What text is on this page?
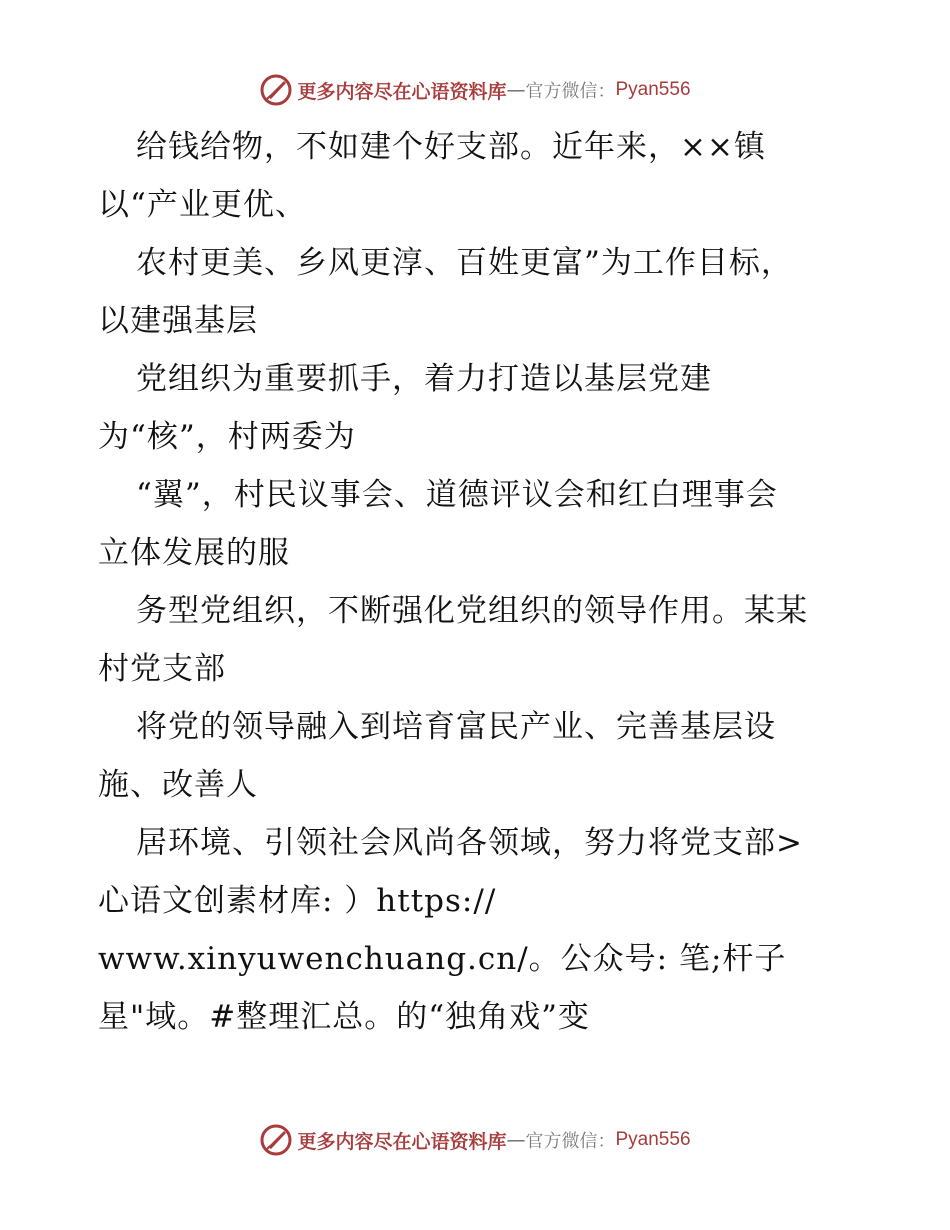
更多内容尽在心语资料库 — 官方微信： Pyan556
给钱给物，不如建个好支部。近年来，××镇
以“产业更优、
农村更美、乡风更淳、百姓更富”为工作目标，
以建强基层
党组织为重要抓手，着力打造以基层党建
为“核”，村两委为
“翼”，村民议事会、道德评议会和红白理事会
立体发展的服
务型党组织，不断强化党组织的领导作用。某某
村党支部
将党的领导融入到培育富民产业、完善基层设
施、改善人
居环境、引领社会风尚各领域，努力将党支部>
心语文创素材库: ）https://
www.xinyuwenchuang.cn/。公众号: 笔;杆子
星"域。#整理汇总。的“独角戏”变
更多内容尽在心语资料库 — 官方微信： Pyan556
